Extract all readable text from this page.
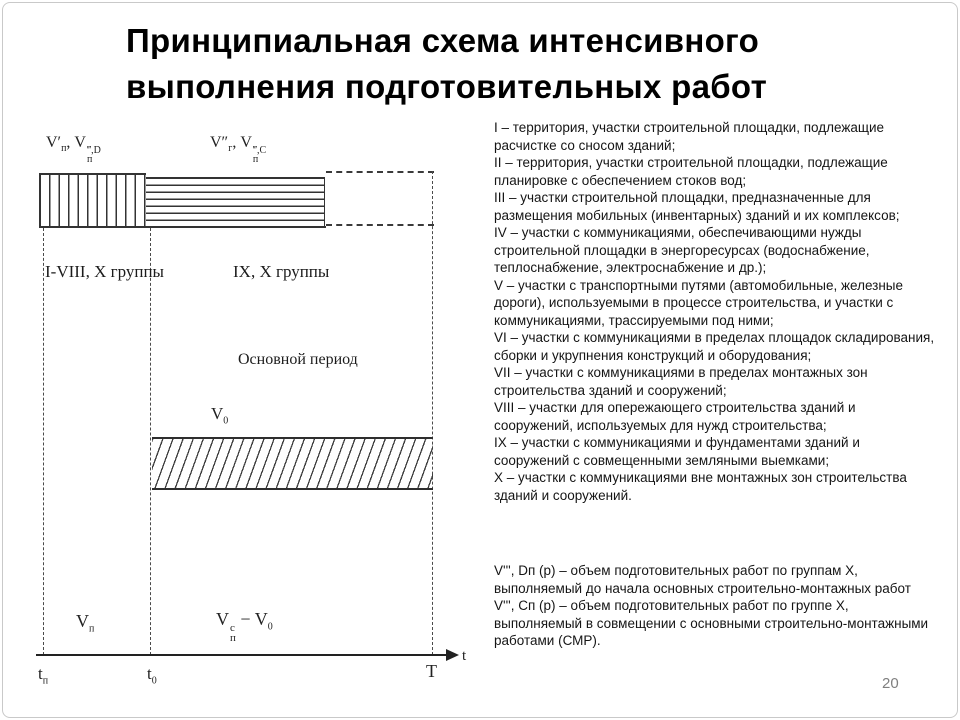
Принципиальная схема интенсивного
выполнения подготовительных работ
$V'_п$, V ‴,D
п
$V''_г$, V ‴,С
п
I-VIII, X группы	IX, X группы
Основной период
$V_0$
$V_п$
V с
п
− $V_0$
t
$t_п$	$t_0$	T
I – территория, участки строительной площадки, подлежащие расчистке со сносом зданий;
II – территория, участки строительной площадки, подлежащие планировке с обеспечением стоков вод;
III – участки строительной площадки, предназначенные для размещения мобильных (инвентарных) зданий и их комплексов;
IV – участки с коммуникациями, обеспечивающими нужды строительной площадки в энергоресурсах (водоснабжение, теплоснабжение, электроснабжение и др.);
V – участки с транспортными путями (автомобильные, железные дороги), используемыми в процессе строительства, и участки с коммуникациями, трассируемыми под ними;
VI – участки с коммуникациями в пределах площадок складирования, сборки и укрупнения конструкций и оборудования;
VII – участки с коммуникациями в пределах монтажных зон строительства зданий и сооружений;
VIII – участки для опережающего строительства зданий и сооружений, используемых для нужд строительства;
IX – участки с коммуникациями и фундаментами зданий и сооружений с совмещенными земляными выемками;
X – участки с коммуникациями вне монтажных зон строительства зданий и сооружений.
V''', Dп (р) – объем подготовительных работ по группам X, выполняемый до начала основных строительно-монтажных работ
V''', Сп (р) – объем подготовительных работ по группе X, выполняемый в совмещении с основными строительно-монтажными работами (СМР).
20
